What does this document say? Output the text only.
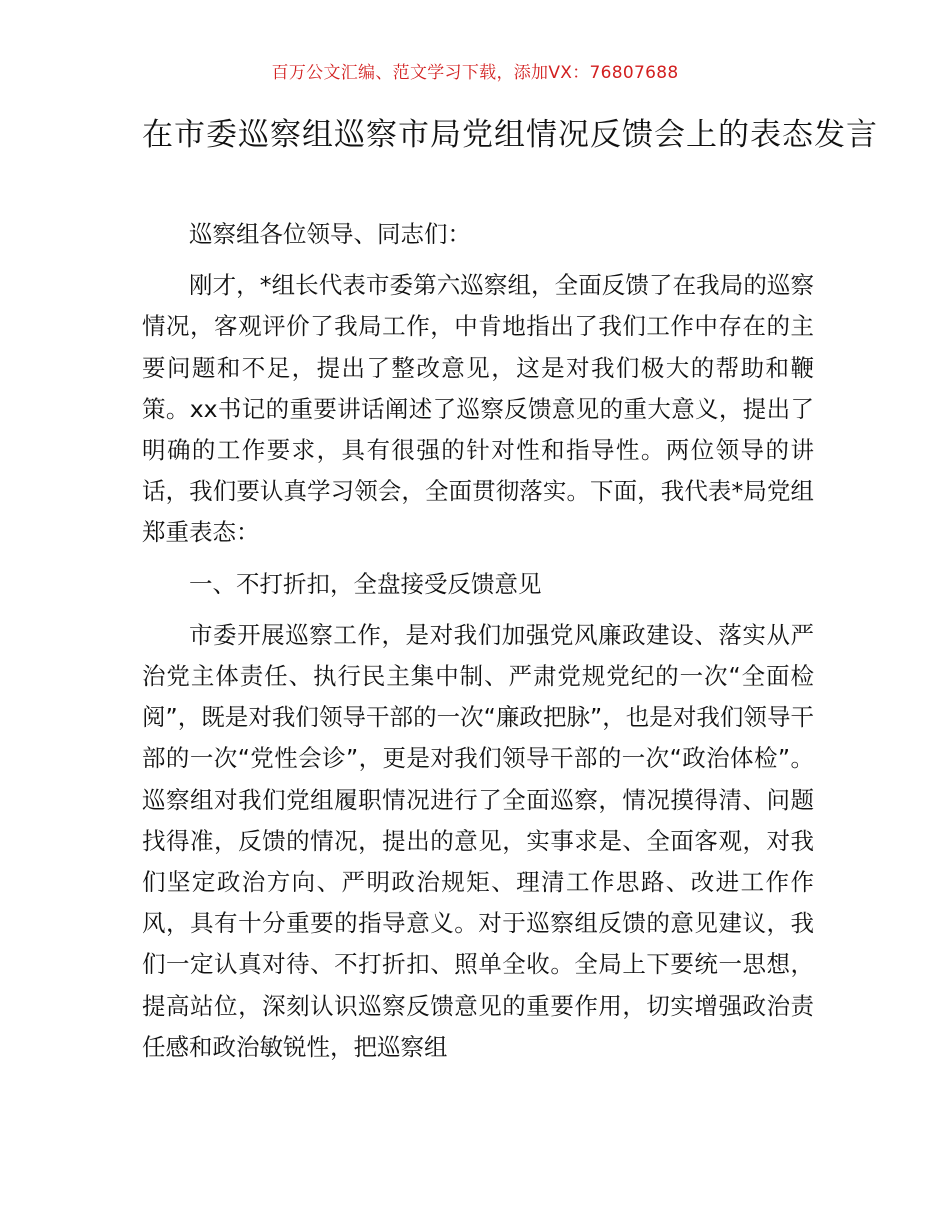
百万公文汇编、范文学习下载，添加VX：76807688
在市委巡察组巡察市局党组情况反馈会上的表态发言

巡察组各位领导、同志们：

刚才，*组长代表市委第六巡察组，全面反馈了在我局的巡察情况，客观评价了我局工作，中肯地指出了我们工作中存在的主要问题和不足，提出了整改意见，这是对我们极大的帮助和鞭策。xx书记的重要讲话阐述了巡察反馈意见的重大意义，提出了明确的工作要求，具有很强的针对性和指导性。两位领导的讲话，我们要认真学习领会，全面贯彻落实。下面，我代表*局党组郑重表态：

一、不打折扣，全盘接受反馈意见

市委开展巡察工作，是对我们加强党风廉政建设、落实从严治党主体责任、执行民主集中制、严肃党规党纪的一次“全面检阅”，既是对我们领导干部的一次“廉政把脉”，也是对我们领导干部的一次“党性会诊”，更是对我们领导干部的一次“政治体检”。巡察组对我们党组履职情况进行了全面巡察，情况摸得清、问题找得准，反馈的情况，提出的意见，实事求是、全面客观，对我们坚定政治方向、严明政治规矩、理清工作思路、改进工作作风，具有十分重要的指导意义。对于巡察组反馈的意见建议，我们一定认真对待、不打折扣、照单全收。全局上下要统一思想，提高站位，深刻认识巡察反馈意见的重要作用，切实增强政治责任感和政治敏锐性，把巡察组
